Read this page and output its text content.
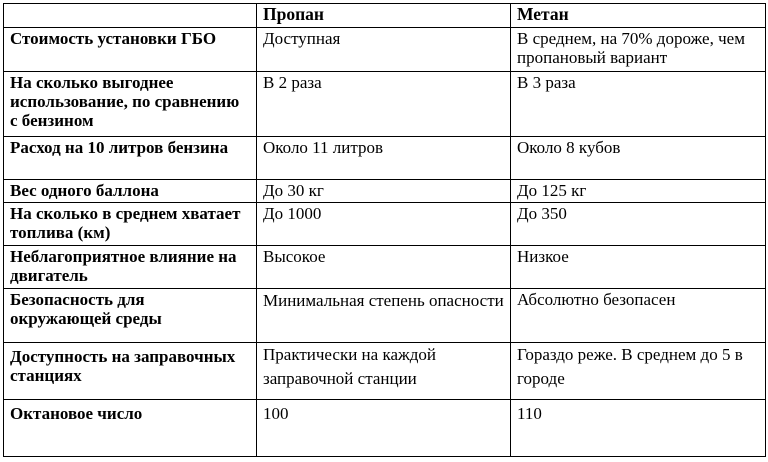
	Пропан	Метан
Стоимость установки ГБО	Доступная	В среднем, на 70% дороже, чем пропановый вариант
На сколько выгоднее использование, по сравнению с бензином	В 2 раза	В 3 раза
Расход на 10 литров бензина	Около 11 литров	Около 8 кубов
Вес одного баллона	До 30 кг	До 125 кг
На сколько в среднем хватает топлива (км)	До 1000	До 350
Неблагоприятное влияние на двигатель	Высокое	Низкое
Безопасность для окружающей среды	Минимальная степень опасности	Абсолютно безопасен
Доступность на заправочных станциях	Практически на каждой заправочной станции	Гораздо реже. В среднем до 5 в городе
Октановое число	100	110
